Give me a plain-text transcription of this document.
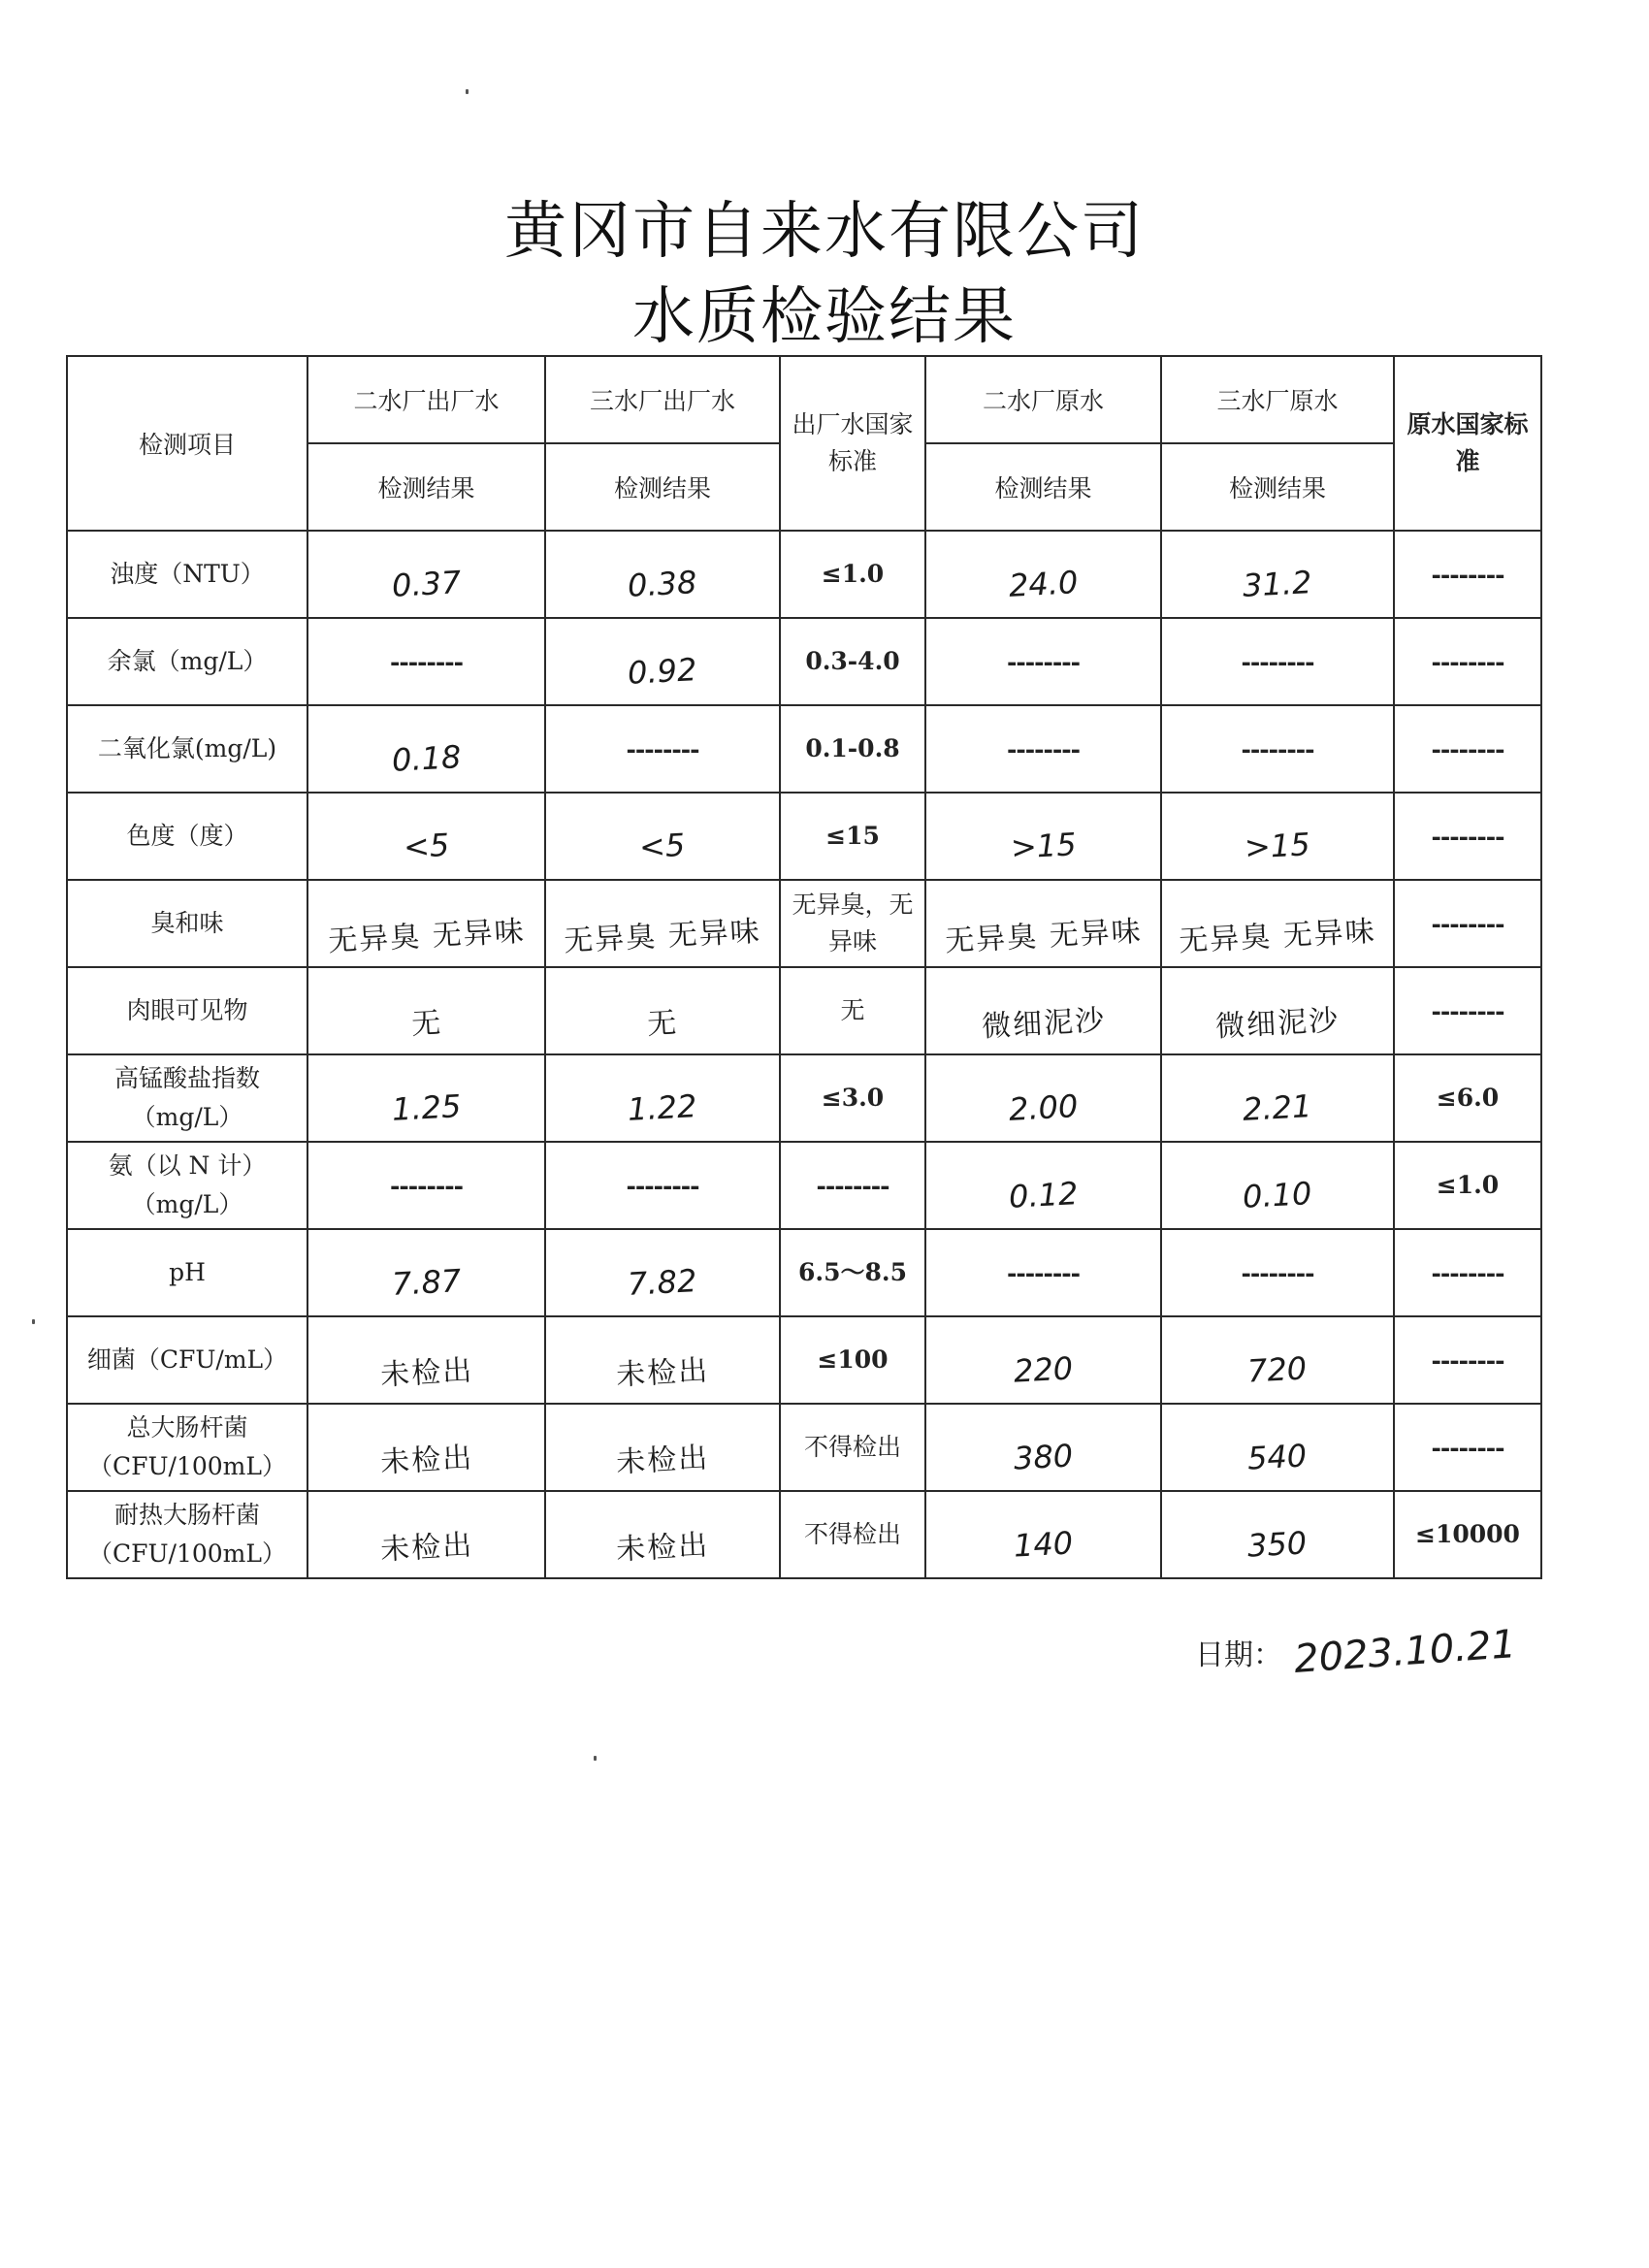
黄冈市自来水有限公司
水质检验结果
检测项目	二水厂出厂水	三水厂出厂水	出厂水国家标准	二水厂原水	三水厂原水	原水国家标准
	检测结果	检测结果		检测结果	检测结果	
浊度（NTU）	0.37	0.38	≤1.0	24.0	31.2	--------
余氯（mg/L）	--------	0.92	0.3-4.0	--------	--------	--------
二氧化氯(mg/L)	0.18	--------	0.1-0.8	--------	--------	--------
色度（度）	<5	<5	≤15	>15	>15	--------
臭和味	无异臭 无异味	无异臭 无异味	无异臭，无异味	无异臭 无异味	无异臭 无异味	--------
肉眼可见物	无	无	无	微细泥沙	微细泥沙	--------
高锰酸盐指数（mg/L）	1.25	1.22	≤3.0	2.00	2.21	≤6.0
氨（以 N 计）（mg/L）	--------	--------	--------	0.12	0.10	≤1.0
pH	7.87	7.82	6.5～8.5	--------	--------	--------
细菌（CFU/mL）	未检出	未检出	≤100	220	720	--------
总大肠杆菌（CFU/100mL）	未检出	未检出	不得检出	380	540	--------
耐热大肠杆菌（CFU/100mL）	未检出	未检出	不得检出	140	350	≤10000
日期： 2023.10.21
